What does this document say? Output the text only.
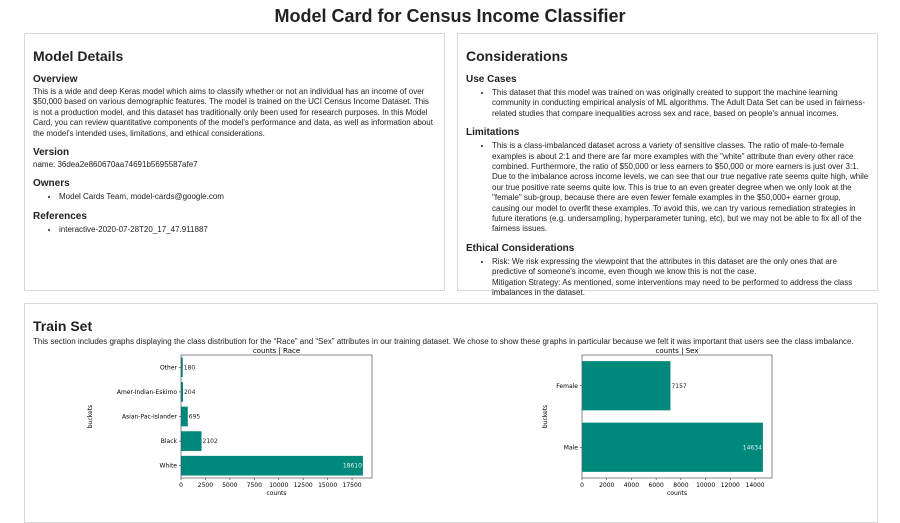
Model Card for Census Income Classifier
Model Details
Overview

This is a wide and deep Keras model which aims to classify whether or not an individual has an income of over $50,000 based on various demographic features. The model is trained on the UCI Census Income Dataset. This is not a production model, and this dataset has traditionally only been used for research purposes. In this Model Card, you can review quantitative components of the model's performance and data, as well as information about the model's intended uses, limitations, and ethical considerations.

Version

name: 36dea2e860670aa74691b5695587afe7

Owners
• Model Cards Team, model-cards@google.com
References
• interactive-2020-07-28T20_17_47.911887
Considerations
Use Cases
• This dataset that this model was trained on was originally created to support the machine learning community in conducting empirical analysis of ML algorithms. The Adult Data Set can be used in fairness-related studies that compare inequalities across sex and race, based on people's annual incomes.
Limitations
• This is a class-imbalanced dataset across a variety of sensitive classes. The ratio of male-to-female examples is about 2:1 and there are far more examples with the "white" attribute than every other race combined. Furthermore, the ratio of $50,000 or less earners to $50,000 or more earners is just over 3:1. Due to the imbalance across income levels, we can see that our true negative rate seems quite high, while our true positive rate seems quite low. This is true to an even greater degree when we only look at the "female" sub-group, because there are even fewer female examples in the $50,000+ earner group, causing our model to overfit these examples. To avoid this, we can try various remediation strategies in future iterations (e.g. undersampling, hyperparameter tuning, etc), but we may not be able to fix all of the fairness issues.
Ethical Considerations
• Risk: We risk expressing the viewpoint that the attributes in this dataset are the only ones that are predictive of someone's income, even though we know this is not the case.
Mitigation Strategy: As mentioned, some interventions may need to be performed to address the class imbalances in the dataset.
Train Set

This section includes graphs displaying the class distribution for the “Race” and “Sex” attributes in our training dataset. We chose to show these graphs in particular because we felt it was important that users see the class imbalance.

counts | Race
White	18610
Black	2102
Asian-Pac-Islander 695
Amer-Indian-Eskimo 204
Other 180
0 2500 5000 7500 10000 12500 15000 17500
counts
buckets
counts | Sex
Male	14634
Female	7157
0	2000 4000 6000 8000 10000 12000 14000
counts
buckets
